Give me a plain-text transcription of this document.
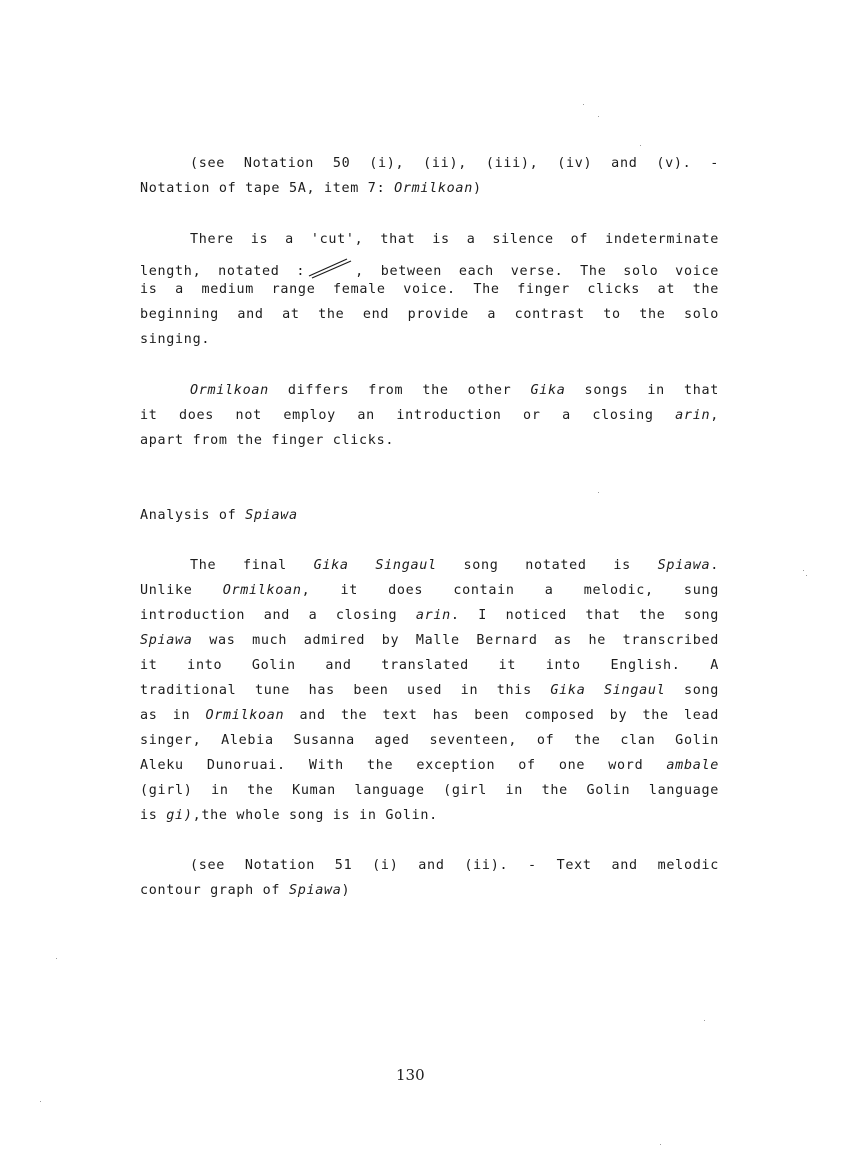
(see Notation 50 (i), (ii), (iii), (iv) and (v). -
Notation of tape 5A, item 7: Ormilkoan)
There is a 'cut', that is a silence of indeterminate
length, notated :	, between each verse. The solo voice
is a medium range female voice. The finger clicks at the
beginning and at the end provide a contrast to the solo
singing.
Ormilkoan differs from the other Gika songs in that
it does not employ an introduction or a closing arin,
apart from the finger clicks.
Analysis of Spiawa
The final Gika Singaul song notated is Spiawa.
Unlike Ormilkoan, it does contain a melodic, sung
introduction and a closing arin. I noticed that the song
Spiawa was much admired by Malle Bernard as he transcribed
it into Golin and translated it into English. A
traditional tune has been used in this Gika Singaul song
as in Ormilkoan and the text has been composed by the lead
singer, Alebia Susanna aged seventeen, of the clan Golin
Aleku Dunoruai. With the exception of one word ambale
(girl) in the Kuman language (girl in the Golin language
is gi),the whole song is in Golin.
(see Notation 51 (i) and (ii). - Text and melodic
contour graph of Spiawa)
130
